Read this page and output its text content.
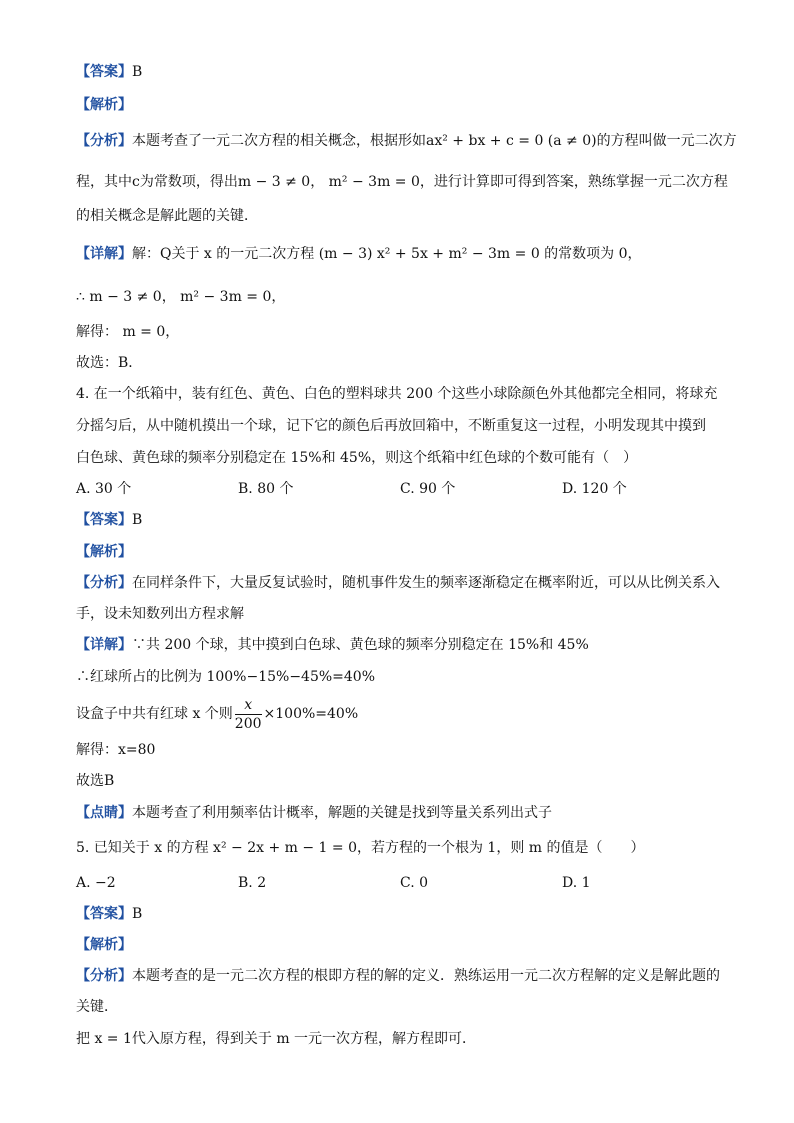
【答案】B
【解析】
【分析】本题考查了一元二次方程的相关概念，根据形如ax² + bx + c = 0 (a ≠ 0)的方程叫做一元二次方
程，其中c为常数项，得出m − 3 ≠ 0， m² − 3m = 0，进行计算即可得到答案，熟练掌握一元二次方程
的相关概念是解此题的关键．
【详解】解：Q关于 x 的一元二次方程 (m − 3) x² + 5x + m² − 3m = 0 的常数项为 0，
∴ m − 3 ≠ 0， m² − 3m = 0，
解得： m = 0，
故选：B．
4. 在一个纸箱中，装有红色、黄色、白色的塑料球共 200 个这些小球除颜色外其他都完全相同，将球充
分摇匀后，从中随机摸出一个球，记下它的颜色后再放回箱中，不断重复这一过程，小明发现其中摸到
白色球、黄色球的频率分别稳定在 15%和 45%，则这个纸箱中红色球的个数可能有（　）
A. 30 个	B. 80 个	C. 90 个	D. 120 个
【答案】B
【解析】
【分析】在同样条件下，大量反复试验时，随机事件发生的频率逐渐稳定在概率附近，可以从比例关系入
手，设未知数列出方程求解
【详解】∵共 200 个球，其中摸到白色球、黄色球的频率分别稳定在 15%和 45%
∴红球所占的比例为 100%−15%−45%=40%
设盒子中共有红球 x 个则 $\frac{x}{200} \times 100\%=40\%$
解得：x=80
故选B
【点睛】本题考查了利用频率估计概率，解题的关键是找到等量关系列出式子
5. 已知关于 x 的方程 x² − 2x + m − 1 = 0，若方程的一个根为 1，则 m 的值是（　　）
A. −2	B. 2	C. 0	D. 1
【答案】B
【解析】
【分析】本题考查的是一元二次方程的根即方程的解的定义．熟练运用一元二次方程解的定义是解此题的
关键．
把 x = 1代入原方程，得到关于 m 一元一次方程，解方程即可．
